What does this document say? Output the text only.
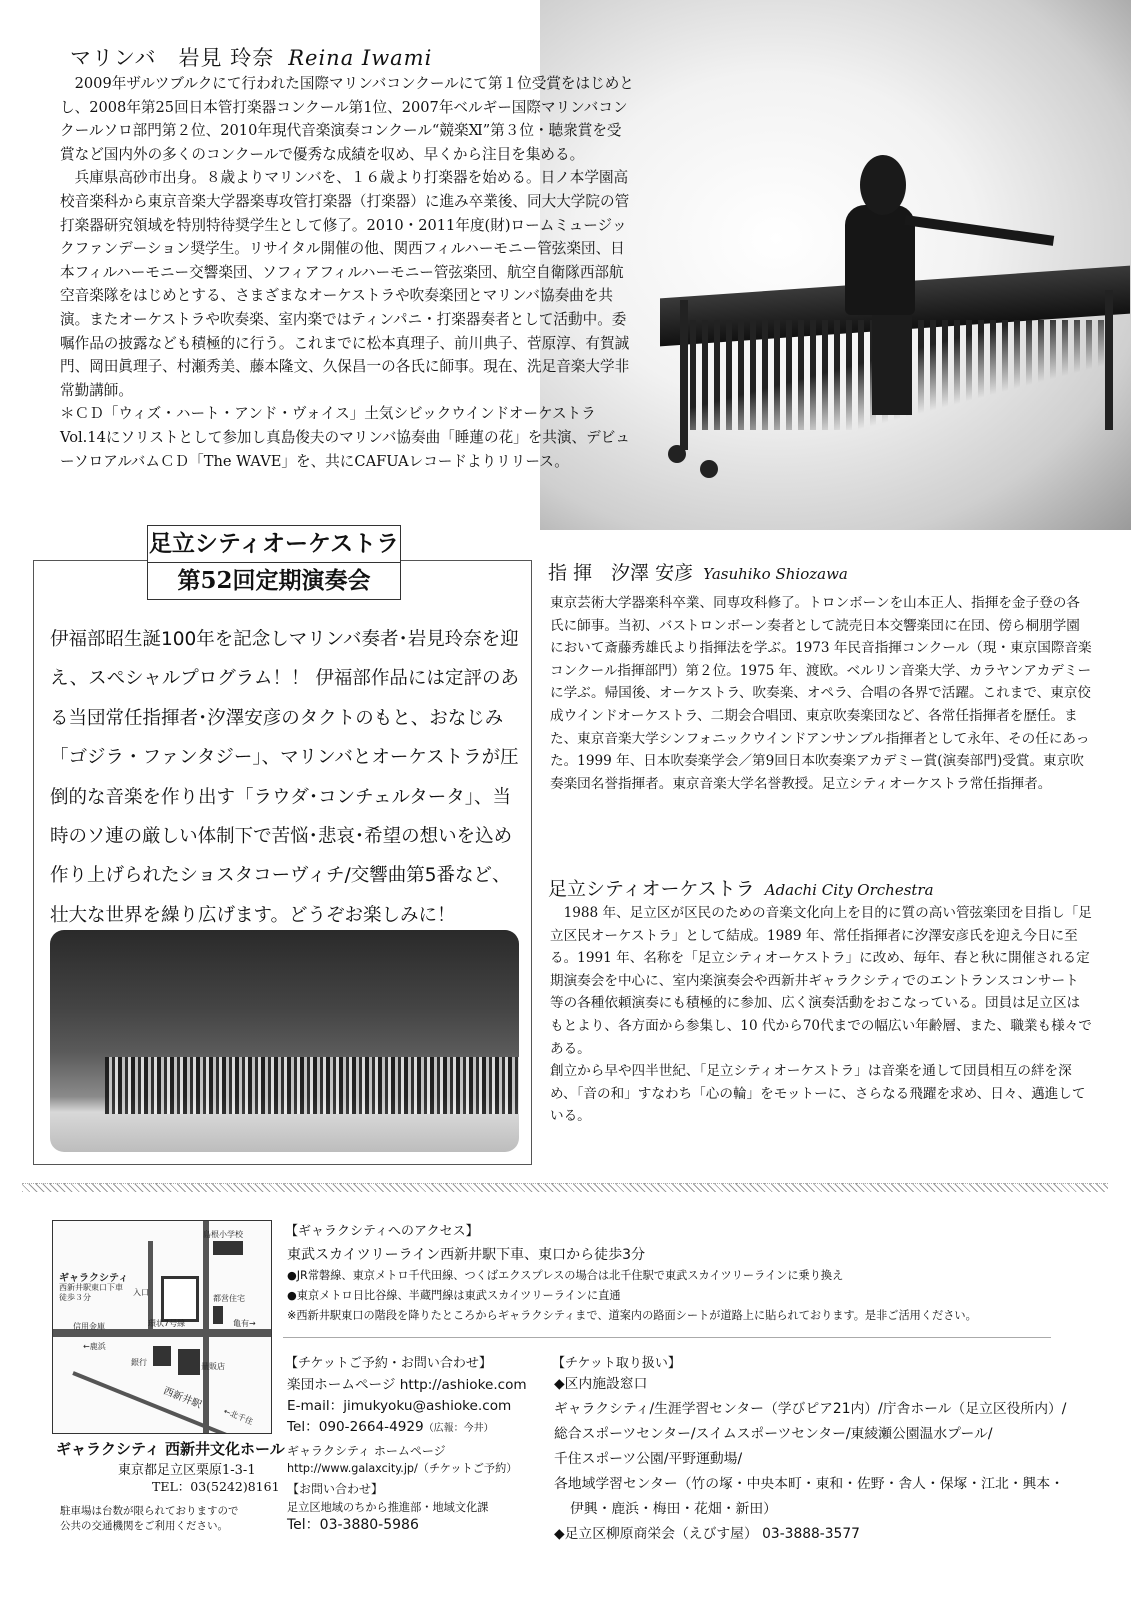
マリンバ　岩見 玲奈 Reina Iwami

2009年ザルツブルクにて行われた国際マリンバコンクールにて第１位受賞をはじめとし、2008年第25回日本管打楽器コンクール第1位、2007年ベルギー国際マリンバコンクールソロ部門第２位、2010年現代音楽演奏コンクール“競楽Ⅺ”第３位・聴衆賞を受賞など国内外の多くのコンクールで優秀な成績を収め、早くから注目を集める。

兵庫県高砂市出身。８歳よりマリンバを、１６歳より打楽器を始める。日ノ本学園高校音楽科から東京音楽大学器楽専攻管打楽器（打楽器）に進み卒業後、同大大学院の管打楽器研究領域を特別特待奨学生として修了。2010・2011年度(財)ロームミュージックファンデーション奨学生。リサイタル開催の他、関西フィルハーモニー管弦楽団、日本フィルハーモニー交響楽団、ソフィアフィルハーモニー管弦楽団、航空自衛隊西部航空音楽隊をはじめとする、さまざまなオーケストラや吹奏楽団とマリンバ協奏曲を共演。またオーケストラや吹奏楽、室内楽ではティンパニ・打楽器奏者として活動中。委嘱作品の披露なども積極的に行う。これまでに松本真理子、前川典子、菅原淳、有賀誠門、岡田眞理子、村瀬秀美、藤本隆文、久保昌一の各氏に師事。現在、洗足音楽大学非常勤講師。

＊ＣＤ「ウィズ・ハート・アンド・ヴォイス」土気シビックウインドオーケストラVol.14にソリストとして参加し真島俊夫のマリンバ協奏曲「睡蓮の花」を共演、デビューソロアルバムＣＤ「The WAVE」を、共にCAFUAレコードよりリリース。

足立シティオーケストラ
第52回定期演奏会
伊福部昭生誕100年を記念しマリンバ奏者･岩見玲奈を迎え、スペシャルプログラム！！ 伊福部作品には定評のある当団常任指揮者･汐澤安彦のタクトのもと、おなじみ「ゴジラ・ファンタジー」、マリンバとオーケストラが圧倒的な音楽を作り出す「ラウダ･コンチェルタータ」、当時のソ連の厳しい体制下で苦悩･悲哀･希望の想いを込め作り上げられたショスタコーヴィチ/交響曲第5番など、壮大な世界を繰り広げます。どうぞお楽しみに！
指 揮　汐澤 安彦 Yasuhiko Shiozawa

東京芸術大学器楽科卒業、同専攻科修了。トロンボーンを山本正人、指揮を金子登の各氏に師事。当初、バストロンボーン奏者として読売日本交響楽団に在団、傍ら桐朋学園において斎藤秀雄氏より指揮法を学ぶ。1973 年民音指揮コンクール（現・東京国際音楽コンクール指揮部門）第２位。1975 年、渡欧。ベルリン音楽大学、カラヤンアカデミーに学ぶ。帰国後、オーケストラ、吹奏楽、オペラ、合唱の各界で活躍。これまで、東京佼成ウインドオーケストラ、二期会合唱団、東京吹奏楽団など、各常任指揮者を歴任。また、東京音楽大学シンフォニックウインドアンサンブル指揮者として永年、その任にあった。1999 年、日本吹奏楽学会／第9回日本吹奏楽アカデミー賞(演奏部門)受賞。東京吹奏楽団名誉指揮者。東京音楽大学名誉教授。足立シティオーケストラ常任指揮者。

足立シティオーケストラ Adachi City Orchestra

1988 年、足立区が区民のための音楽文化向上を目的に質の高い管弦楽団を目指し「足立区民オーケストラ」として結成。1989 年、常任指揮者に汐澤安彦氏を迎え今日に至る。1991 年、名称を「足立シティオーケストラ」に改め、毎年、春と秋に開催される定期演奏会を中心に、室内楽演奏会や西新井ギャラクシティでのエントランスコンサート等の各種依頼演奏にも積極的に参加、広く演奏活動をおこなっている。団員は足立区はもとより、各方面から参集し、10 代から70代までの幅広い年齢層、また、職業も様々である。

創立から早や四半世紀、「足立シティオーケストラ」は音楽を通して団員相互の絆を深め、「音の和」すなわち「心の輪」をモットーに、さらなる飛躍を求め、日々、邁進している。

島根小学校
ギャラクシティ
西新井駅東口下車
徒歩３分
入口
都営住宅
信用金庫	環状7号線	亀有→
←鹿浜
銀行	量販店
西新井駅
←北千住
ギャラクシティ 西新井文化ホール
東京都足立区栗原1-3-1
TEL：03(5242)8161
駐車場は台数が限られておりますので
公共の交通機関をご利用ください。
【ギャラクシティへのアクセス】
東武スカイツリーライン西新井駅下車、東口から徒歩3分
●JR常磐線、東京メトロ千代田線、つくばエクスプレスの場合は北千住駅で東武スカイツリーラインに乗り換え
●東京メトロ日比谷線、半蔵門線は東武スカイツリーラインに直通
※西新井駅東口の階段を降りたところからギャラクシティまで、道案内の路面シートが道路上に貼られております。是非ご活用ください。
【チケットご予約・お問い合わせ】
楽団ホームページ http://ashioke.com
E-mail：jimukyoku@ashioke.com
Tel：090-2664-4929（広報：今井）
ギャラクシティ ホームページ
http://www.galaxcity.jp/（チケットご予約）
【お問い合わせ】
足立区地域のちから推進部・地域文化課
Tel：03-3880-5986
【チケット取り扱い】
◆区内施設窓口
ギャラクシティ/生涯学習センター（学びピア21内）/庁舎ホール（足立区役所内）/
総合スポーツセンター/スイムスポーツセンター/東綾瀬公園温水プール/
千住スポーツ公園/平野運動場/
各地域学習センター（竹の塚・中央本町・東和・佐野・舎人・保塚・江北・興本・
伊興・鹿浜・梅田・花畑・新田）
◆足立区柳原商栄会（えびす屋） 03-3888-3577
